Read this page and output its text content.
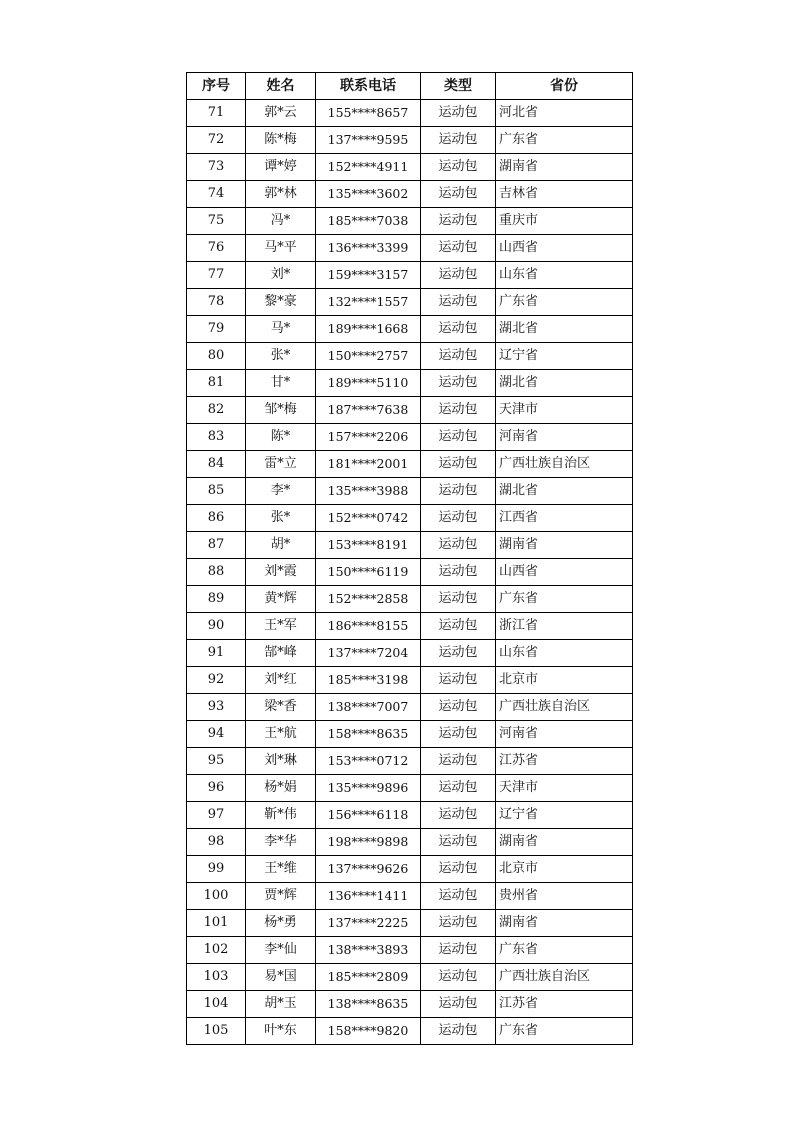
序号	姓名	联系电话	类型	省份
71	郭*云	155****8657	运动包	河北省
72	陈*梅	137****9595	运动包	广东省
73	谭*婷	152****4911	运动包	湖南省
74	郭*林	135****3602	运动包	吉林省
75	冯*	185****7038	运动包	重庆市
76	马*平	136****3399	运动包	山西省
77	刘*	159****3157	运动包	山东省
78	黎*豪	132****1557	运动包	广东省
79	马*	189****1668	运动包	湖北省
80	张*	150****2757	运动包	辽宁省
81	甘*	189****5110	运动包	湖北省
82	邹*梅	187****7638	运动包	天津市
83	陈*	157****2206	运动包	河南省
84	雷*立	181****2001	运动包	广西壮族自治区
85	李*	135****3988	运动包	湖北省
86	张*	152****0742	运动包	江西省
87	胡*	153****8191	运动包	湖南省
88	刘*霞	150****6119	运动包	山西省
89	黄*辉	152****2858	运动包	广东省
90	王*军	186****8155	运动包	浙江省
91	郜*峰	137****7204	运动包	山东省
92	刘*红	185****3198	运动包	北京市
93	梁*香	138****7007	运动包	广西壮族自治区
94	王*航	158****8635	运动包	河南省
95	刘*琳	153****0712	运动包	江苏省
96	杨*娟	135****9896	运动包	天津市
97	靳*伟	156****6118	运动包	辽宁省
98	李*华	198****9898	运动包	湖南省
99	王*维	137****9626	运动包	北京市
100	贾*辉	136****1411	运动包	贵州省
101	杨*勇	137****2225	运动包	湖南省
102	李*仙	138****3893	运动包	广东省
103	易*国	185****2809	运动包	广西壮族自治区
104	胡*玉	138****8635	运动包	江苏省
105	叶*东	158****9820	运动包	广东省
